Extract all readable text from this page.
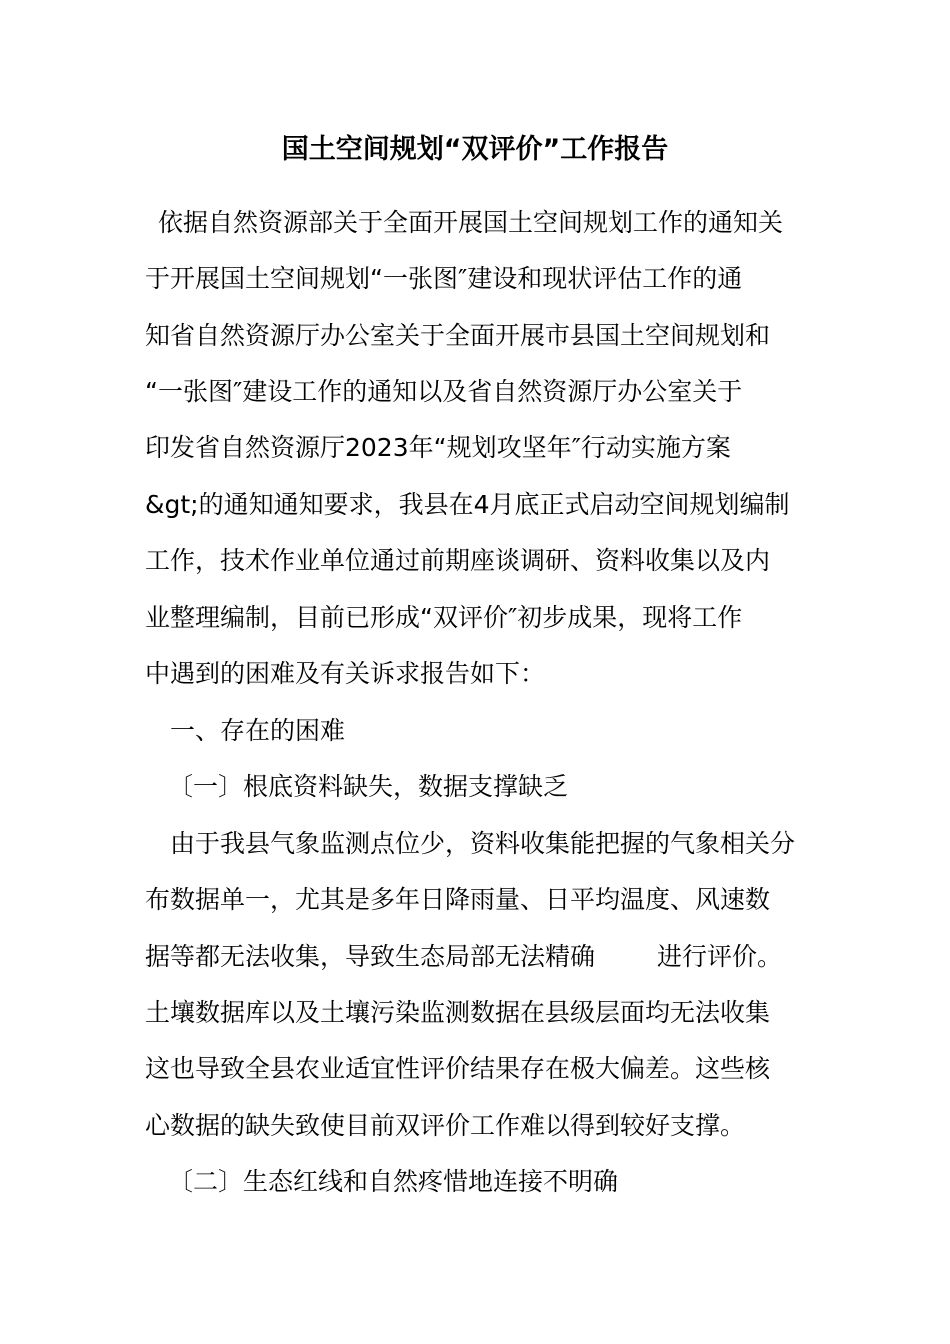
国土空间规划“双评价”工作报告
依据自然资源部关于全面开展国土空间规划工作的通知关
于开展国土空间规划“一张图″建设和现状评估工作的通
知省自然资源厅办公室关于全面开展市县国土空间规划和
“一张图″建设工作的通知以及省自然资源厅办公室关于
印发省自然资源厅2023年“规划攻坚年″行动实施方案
&gt;的通知通知要求，我县在4月底正式启动空间规划编制
工作，技术作业单位通过前期座谈调研、资料收集以及内
业整理编制，目前已形成“双评价″初步成果，现将工作
中遇到的困难及有关诉求报告如下：
一、存在的困难
〔一〕根底资料缺失，数据支撑缺乏
由于我县气象监测点位少，资料收集能把握的气象相关分
布数据单一，尤其是多年日降雨量、日平均温度、风速数
据等都无法收集，导致生态局部无法精确 进行评价。
土壤数据库以及土壤污染监测数据在县级层面均无法收集
这也导致全县农业适宜性评价结果存在极大偏差。这些核
心数据的缺失致使目前双评价工作难以得到较好支撑。
〔二〕生态红线和自然疼惜地连接不明确
